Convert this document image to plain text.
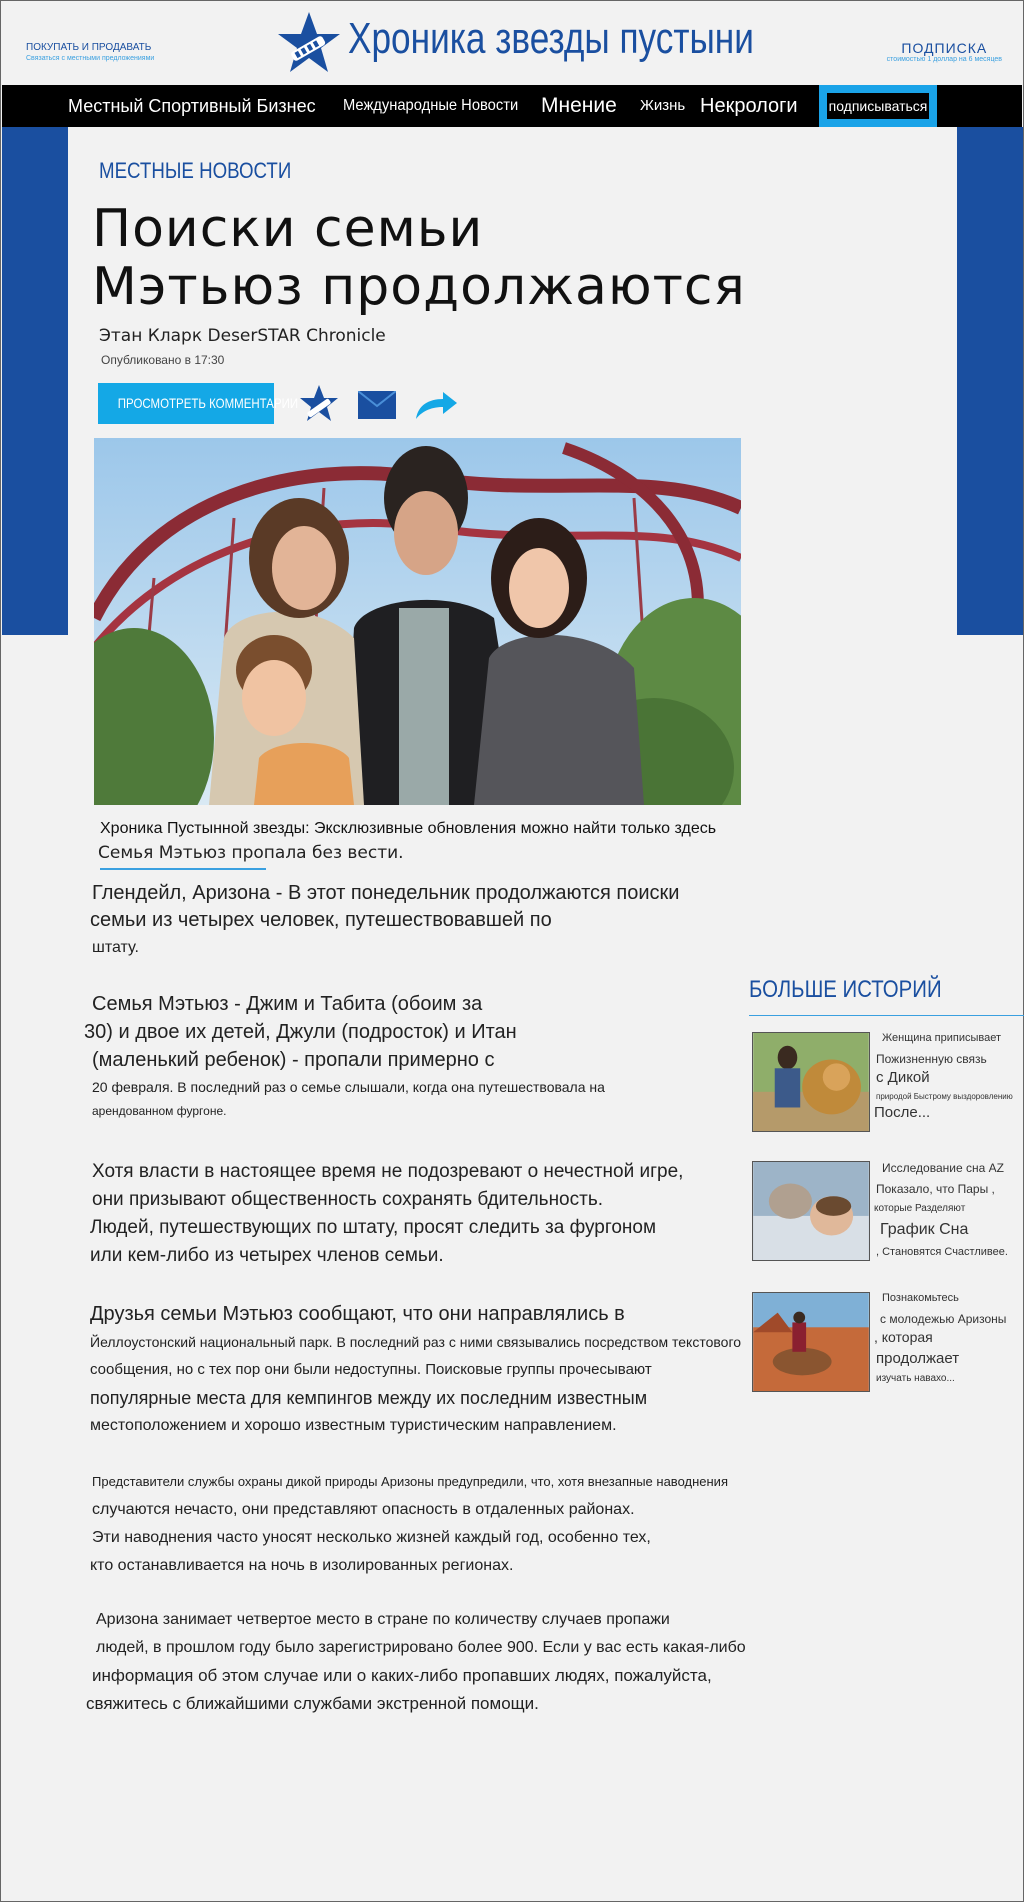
ПОКУПАТЬ И ПРОДАВАТЬ
Связаться с местными предложениями	Хроника звезды пустыни	ПОДПИСКА
cтоимостью 1 доллар на 6 месяцев
Местный Спортивный Бизнес Международные Новости Мнение Жизнь Некрологи подписываться
МЕСТНЫЕ НОВОСТИ
Поиски семьи
Мэтьюз продолжаются
Этан Кларк DeserSTAR Chronicle
Опубликовано в 17:30
ПРОСМОТРЕТЬ КОММЕНТАРИИ
Хроника Пустынной звезды: Эксклюзивные обновления можно найти только здесь
Семья Мэтьюз пропала без вести.

Глендейл, Аризона - В этот понедельник продолжаются поиски

семьи из четырех человек, путешествовавшей по

штату.

Семья Мэтьюз - Джим и Табита (обоим за

30) и двое их детей, Джули (подросток) и Итан

(маленький ребенок) - пропали примерно с

20 февраля. В последний раз о семье слышали, когда она путешествовала на

арендованном фургоне.

Хотя власти в настоящее время не подозревают о нечестной игре,

они призывают общественность сохранять бдительность.

Людей, путешествующих по штату, просят следить за фургоном

или кем-либо из четырех членов семьи.

Друзья семьи Мэтьюз сообщают, что они направлялись в

Йеллоустонский национальный парк. В последний раз с ними связывались посредством текстового

сообщения, но с тех пор они были недоступны. Поисковые группы прочесывают

популярные места для кемпингов между их последним известным

местоположением и хорошо известным туристическим направлением.

Представители службы охраны дикой природы Аризоны предупредили, что, хотя внезапные наводнения

случаются нечасто, они представляют опасность в отдаленных районах.

Эти наводнения часто уносят несколько жизней каждый год, особенно тех,

кто останавливается на ночь в изолированных регионах.

Аризона занимает четвертое место в стране по количеству случаев пропажи

людей, в прошлом году было зарегистрировано более 900. Если у вас есть какая-либо

информация об этом случае или о каких-либо пропавших людях, пожалуйста,

свяжитесь с ближайшими службами экстренной помощи.

БОЛЬШЕ ИСТОРИЙ
Женщина приписывает
Пожизненную связь
с Дикой
природой Быстрому выздоровлению
После...
Исследование сна AZ
Показало, что Пары ,
которые Разделяют
График Сна
, Становятся Счастливее.
Познакомьтесь
с молодежью Аризоны
, которая
продолжает
изучать навахо...
